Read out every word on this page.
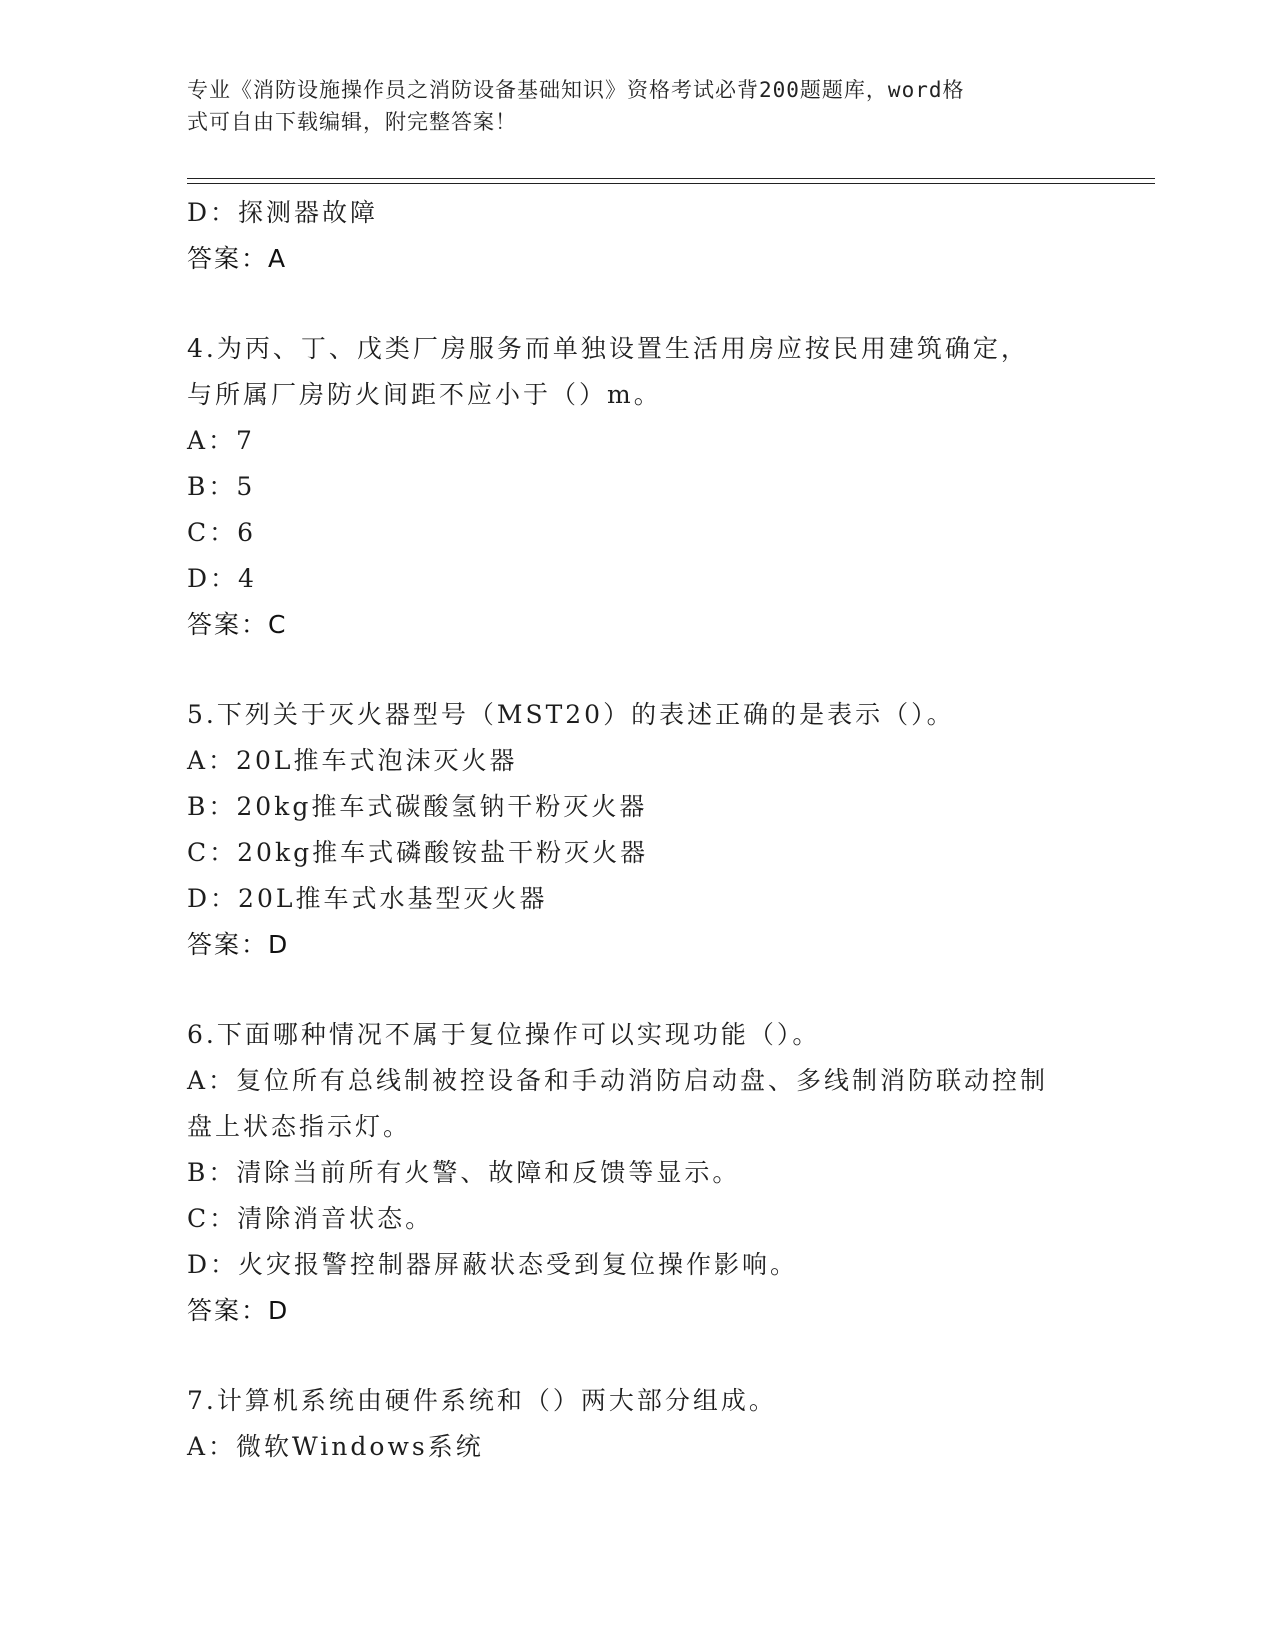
专业《消防设施操作员之消防设备基础知识》资格考试必背200题题库，word格
式可自由下载编辑，附完整答案！
D：探测器故障
答案：A
4.为丙、丁、戊类厂房服务而单独设置生活用房应按民用建筑确定，
与所属厂房防火间距不应小于（）m。
A：7
B：5
C：6
D：4
答案：C
5.下列关于灭火器型号（MST20）的表述正确的是表示（）。
A：20L推车式泡沫灭火器
B：20kg推车式碳酸氢钠干粉灭火器
C：20kg推车式磷酸铵盐干粉灭火器
D：20L推车式水基型灭火器
答案：D
6.下面哪种情况不属于复位操作可以实现功能（）。
A：复位所有总线制被控设备和手动消防启动盘、多线制消防联动控制
盘上状态指示灯。
B：清除当前所有火警、故障和反馈等显示。
C：清除消音状态。
D：火灾报警控制器屏蔽状态受到复位操作影响。
答案：D
7.计算机系统由硬件系统和（）两大部分组成。
A：微软Windows系统
